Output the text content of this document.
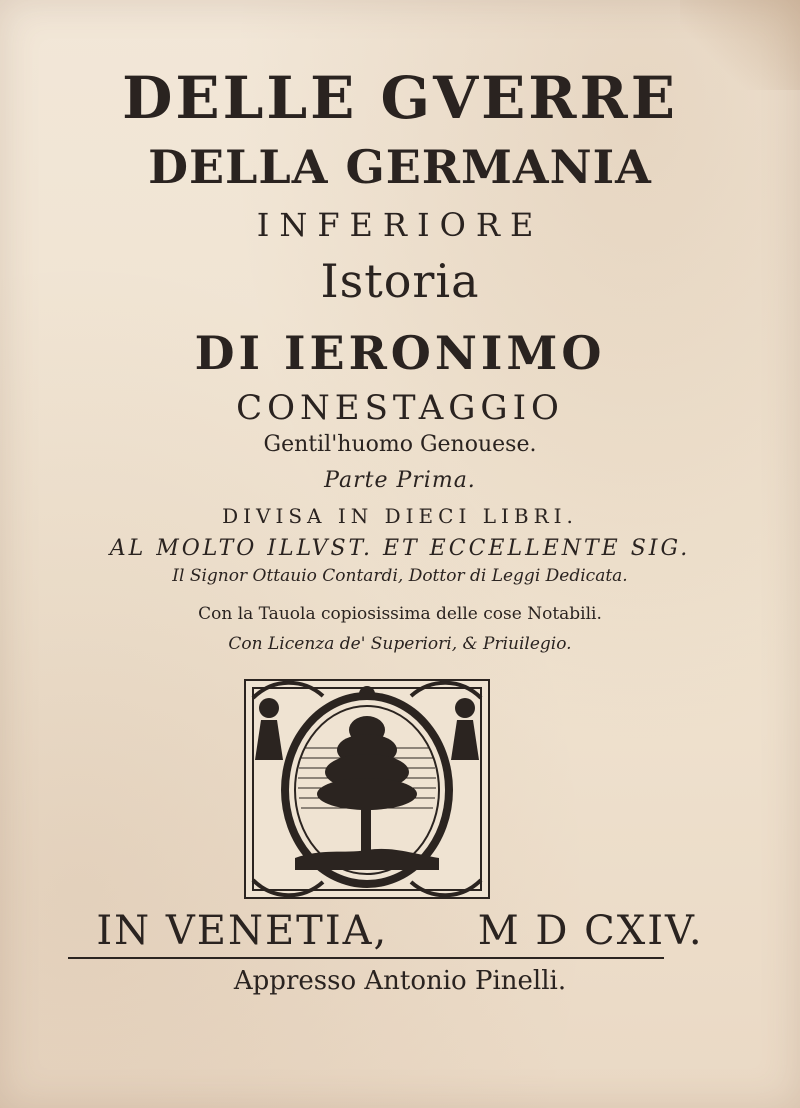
DELLE GVERRE
DELLA GERMANIA
INFERIORE
Istoria
DI IERONIMO
CONESTAGGIO
Gentil'huomo Genouese.
Parte Prima.
DIVISA IN DIECI LIBRI.
AL MOLTO ILLVST. ET ECCELLENTE SIG.
Il Signor Ottauio Contardi, Dottor di Leggi Dedicata.
Con la Tauola copiosissima delle cose Notabili.
Con Licenza de' Superiori, & Priuilegio.
IN VENETIA, M D CXIV.
Appresso Antonio Pinelli.
